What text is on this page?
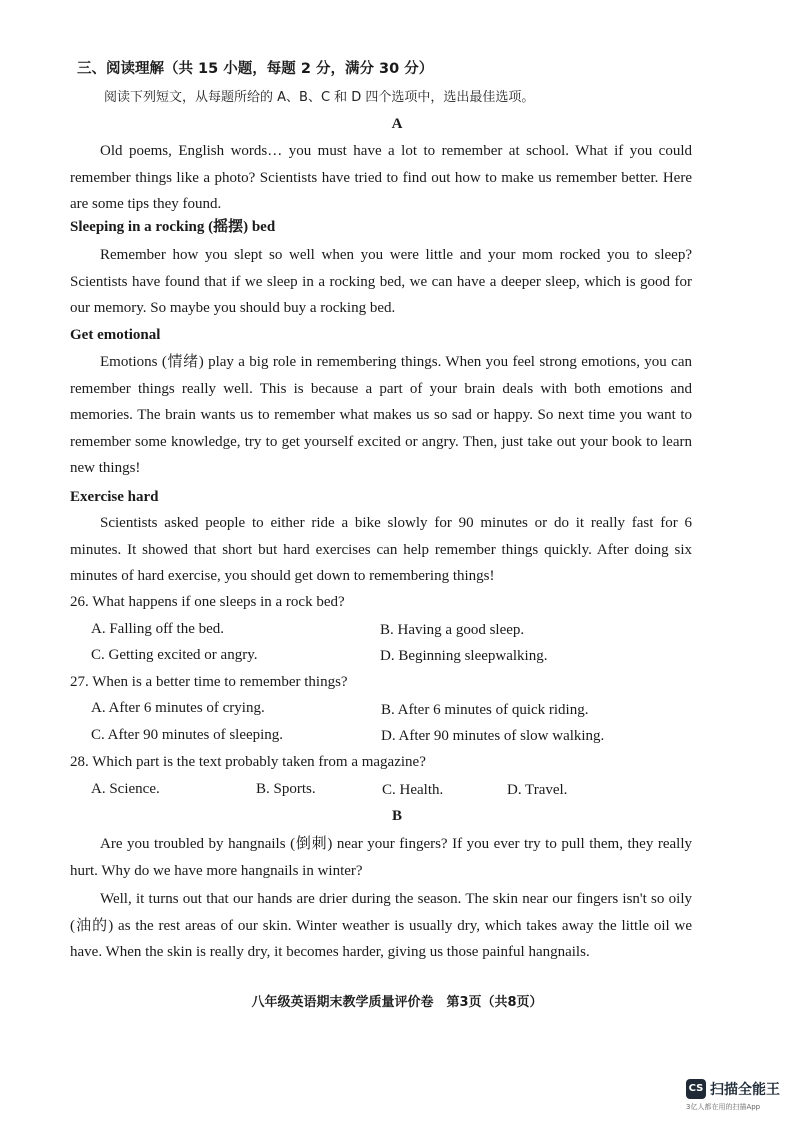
三、阅读理解（共 15 小题，每题 2 分，满分 30 分）
阅读下列短文，从每题所给的 A、B、C 和 D 四个选项中，选出最佳选项。
A

Old poems, English words… you must have a lot to remember at school. What if you could remember things like a photo? Scientists have tried to find out how to make us remember better. Here are some tips they found.

Sleeping in a rocking (摇摆) bed

Remember how you slept so well when you were little and your mom rocked you to sleep? Scientists have found that if we sleep in a rocking bed, we can have a deeper sleep, which is good for our memory. So maybe you should buy a rocking bed.

Get emotional

Emotions (情绪) play a big role in remembering things. When you feel strong emotions, you can remember things really well. This is because a part of your brain deals with both emotions and memories. The brain wants us to remember what makes us so sad or happy. So next time you want to remember some knowledge, try to get yourself excited or angry. Then, just take out your book to learn new things!

Exercise hard

Scientists asked people to either ride a bike slowly for 90 minutes or do it really fast for 6 minutes. It showed that short but hard exercises can help remember things quickly. After doing six minutes of hard exercise, you should get down to remembering things!

26. What happens if one sleeps in a rock bed?
A. Falling off the bed.	B. Having a good sleep.
C. Getting excited or angry.	D. Beginning sleepwalking.
27. When is a better time to remember things?
A. After 6 minutes of crying.	B. After 6 minutes of quick riding.
C. After 90 minutes of sleeping.	D. After 90 minutes of slow walking.
28. Which part is the text probably taken from a magazine?
A. Science.	B. Sports.	C. Health.	D. Travel.
B

Are you troubled by hangnails (倒刺) near your fingers? If you ever try to pull them, they really hurt. Why do we have more hangnails in winter?

Well, it turns out that our hands are drier during the season. The skin near our fingers isn't so oily (油的) as the rest areas of our skin. Winter weather is usually dry, which takes away the little oil we have. When the skin is really dry, it becomes harder, giving us those painful hangnails.

八年级英语期末教学质量评价卷　第3页（共8页）
CS 扫描全能王
3亿人都在用的扫描App
